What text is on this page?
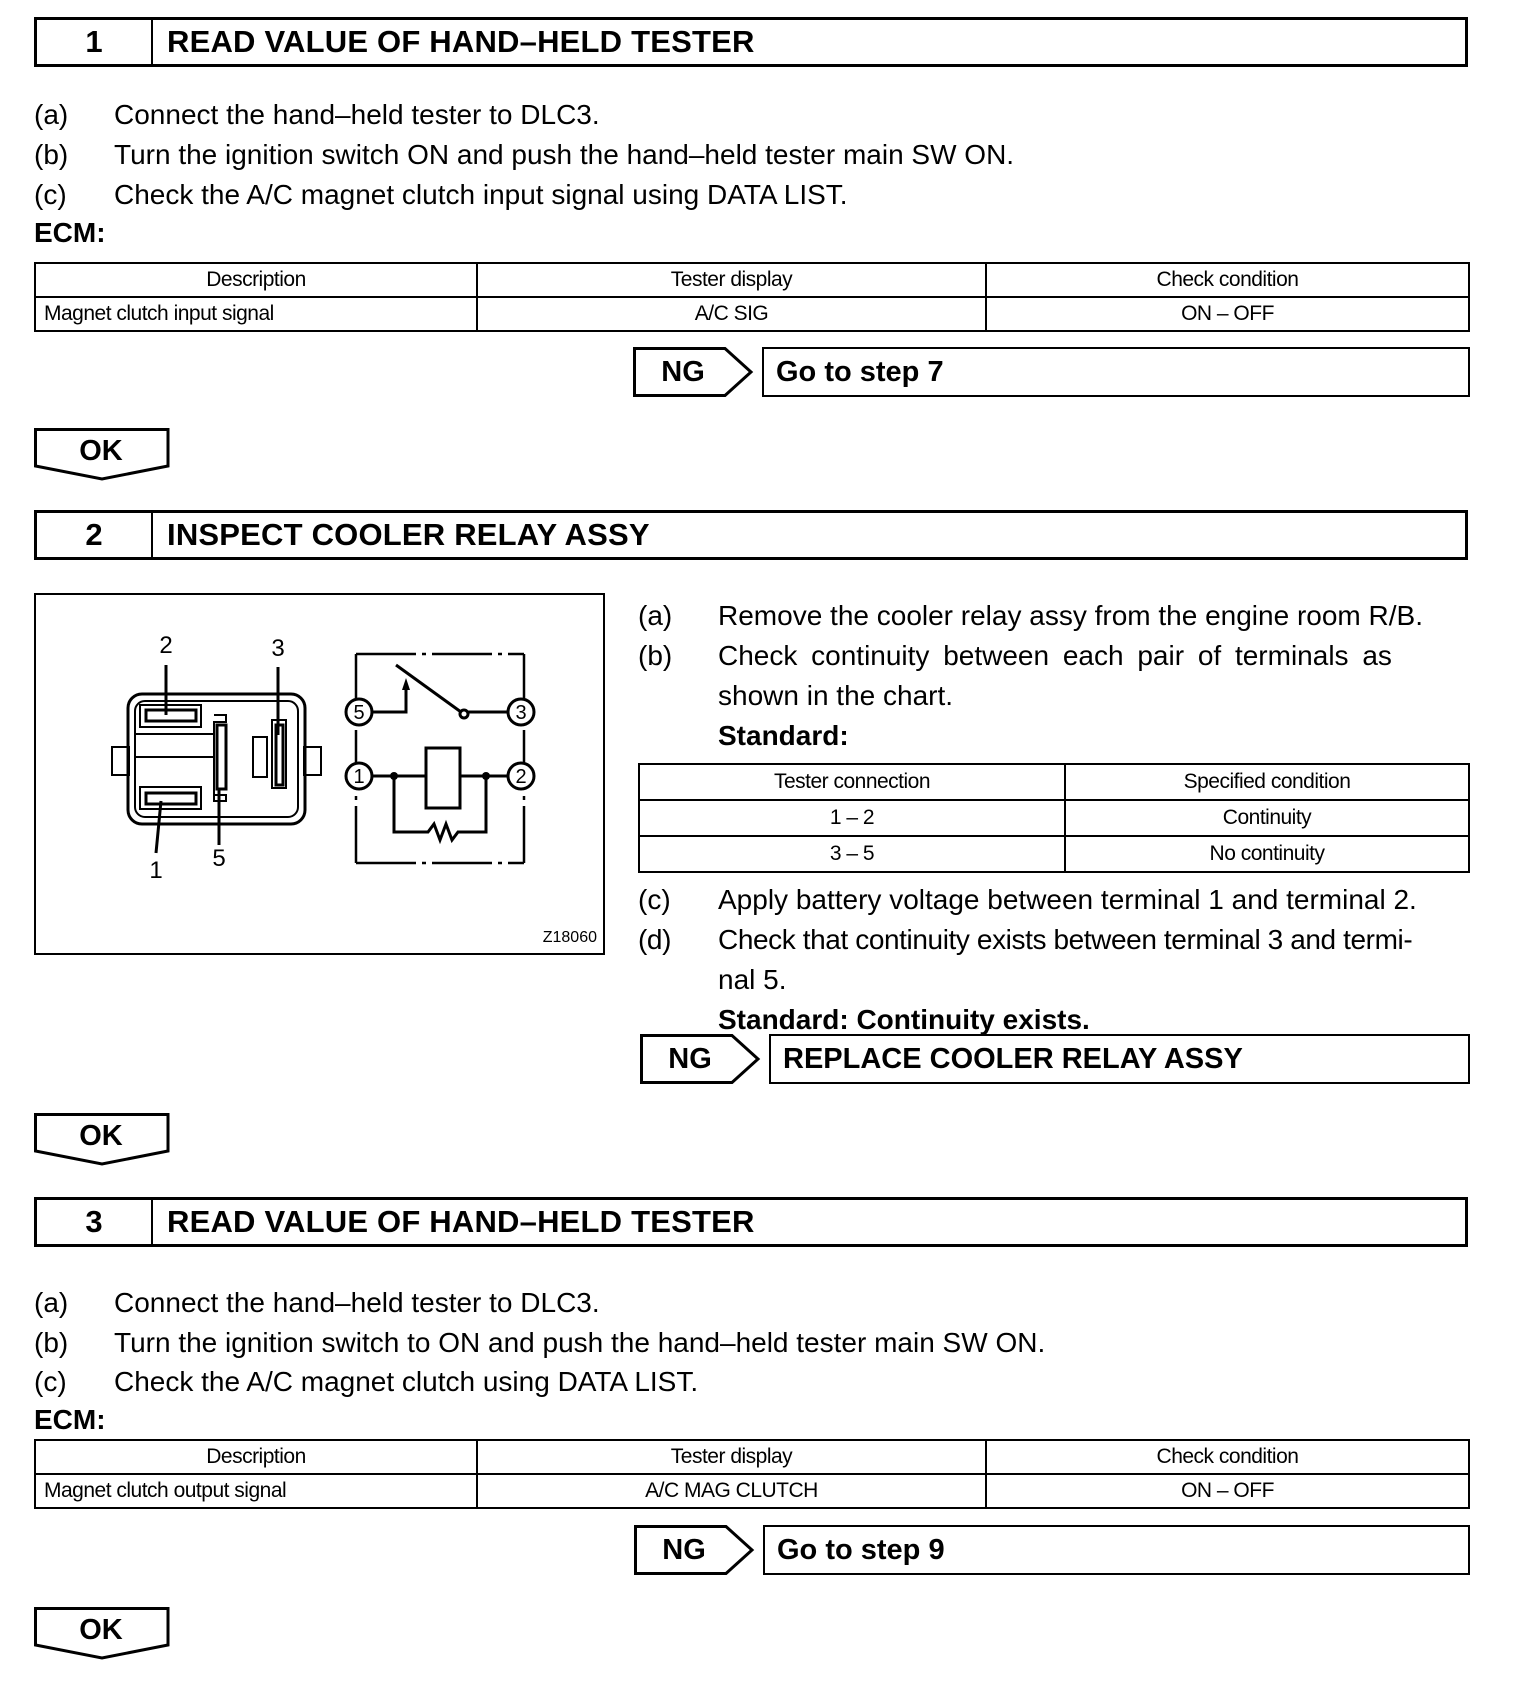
1	READ VALUE OF HAND–HELD TESTER
(a) Connect the hand–held tester to DLC3.
(b) Turn the ignition switch ON and push the hand–held tester main SW ON.
(c) Check the A/C magnet clutch input signal using DATA LIST.
ECM:
Description	Tester display	Check condition
Magnet clutch input signal	A/C SIG	ON – OFF
NG	Go to step 7
OK
2	INSPECT COOLER RELAY ASSY
5	3
1	2
2	3
1 5
Z18060
(a) Remove the cooler relay assy from the engine room R/B.
(b) Check continuity between each pair of terminals as
shown in the chart.
Standard:
Tester connection	Specified condition
1 – 2	Continuity
3 – 5	No continuity
(c) Apply battery voltage between terminal 1 and terminal 2.
(d) Check that continuity exists between terminal 3 and termi-
nal 5.
Standard: Continuity exists.
NG	REPLACE COOLER RELAY ASSY
OK
3	READ VALUE OF HAND–HELD TESTER
(a) Connect the hand–held tester to DLC3.
(b) Turn the ignition switch to ON and push the hand–held tester main SW ON.
(c) Check the A/C magnet clutch using DATA LIST.
ECM:
Description	Tester display	Check condition
Magnet clutch output signal	A/C MAG CLUTCH	ON – OFF
NG	Go to step 9
OK
